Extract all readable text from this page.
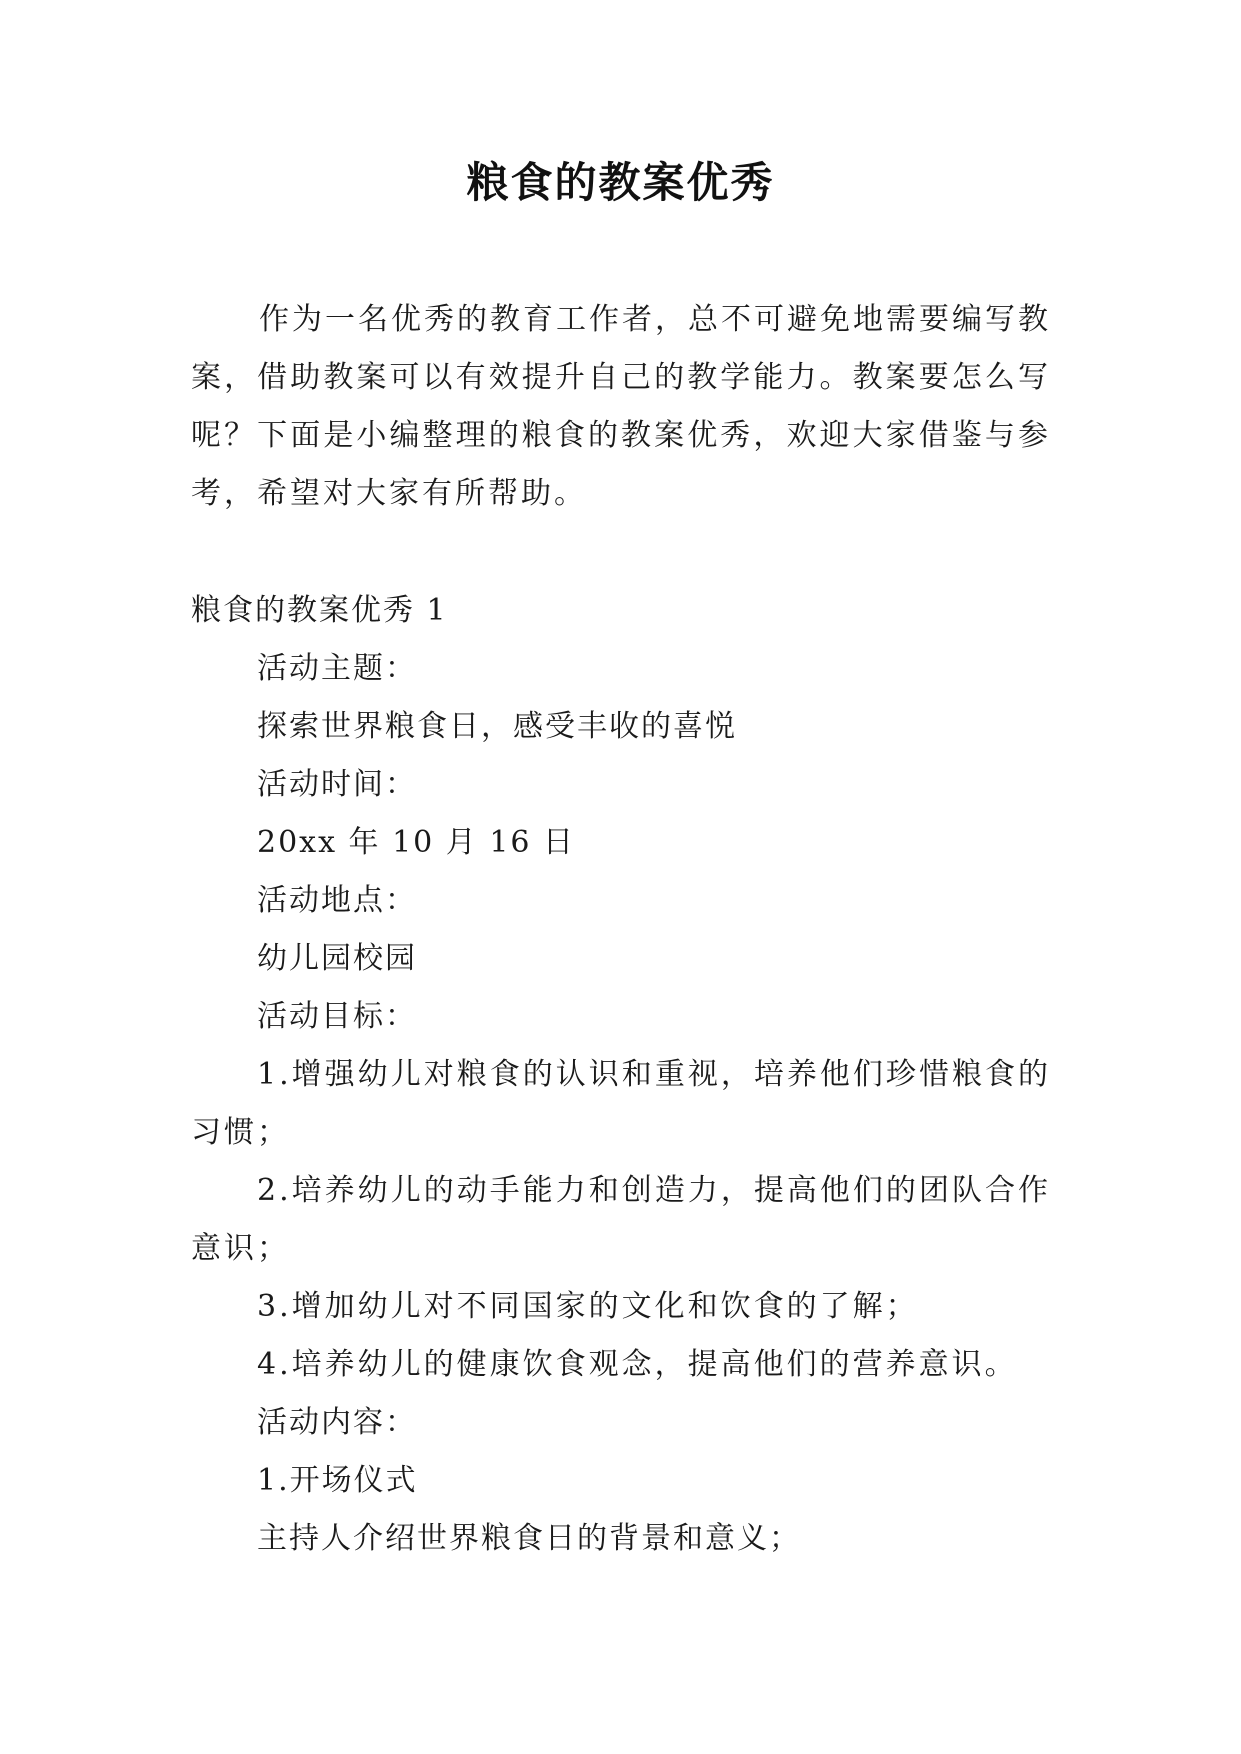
粮食的教案优秀

作为一名优秀的教育工作者，总不可避免地需要编写教案，借助教案可以有效提升自己的教学能力。教案要怎么写呢？下面是小编整理的粮食的教案优秀，欢迎大家借鉴与参考，希望对大家有所帮助。

粮食的教案优秀 1

活动主题：

探索世界粮食日，感受丰收的喜悦

活动时间：

20xx 年 10 月 16 日

活动地点：

幼儿园校园

活动目标：

1.增强幼儿对粮食的认识和重视，培养他们珍惜粮食的习惯；

2.培养幼儿的动手能力和创造力，提高他们的团队合作意识；

3.增加幼儿对不同国家的文化和饮食的了解；

4.培养幼儿的健康饮食观念，提高他们的营养意识。

活动内容：

1.开场仪式

主持人介绍世界粮食日的背景和意义；
